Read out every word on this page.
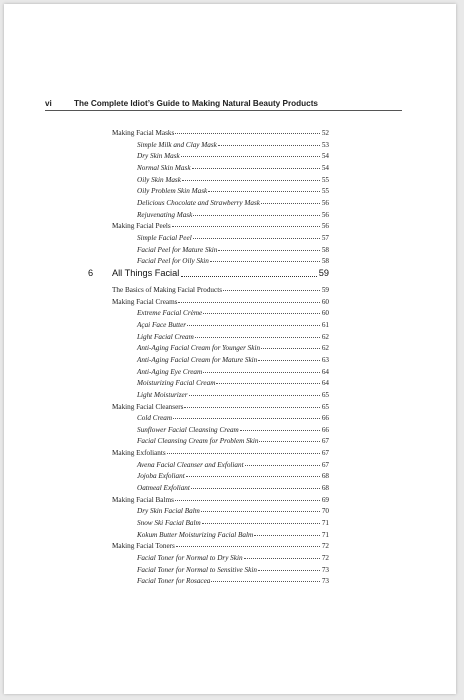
vi	The Complete Idiot’s Guide to Making Natural Beauty Products
6	All Things Facial	59
Making Facial Masks	52
Simple Milk and Clay Mask	53
Dry Skin Mask	54
Normal Skin Mask	54
Oily Skin Mask	55
Oily Problem Skin Mask	55
Delicious Chocolate and Strawberry Mask	56
Rejuvenating Mask	56
Making Facial Peels	56
Simple Facial Peel	57
Facial Peel for Mature Skin	58
Facial Peel for Oily Skin	58
The Basics of Making Facial Products	59
Making Facial Creams	60
Extreme Facial Crème	60
Açai Face Butter	61
Light Facial Cream	62
Anti-Aging Facial Cream for Younger Skin	62
Anti-Aging Facial Cream for Mature Skin	63
Anti-Aging Eye Cream	64
Moisturizing Facial Cream	64
Light Moisturizer	65
Making Facial Cleansers	65
Cold Cream	66
Sunflower Facial Cleansing Cream	66
Facial Cleansing Cream for Problem Skin	67
Making Exfoliants	67
Avena Facial Cleanser and Exfoliant	67
Jojoba Exfoliant	68
Oatmeal Exfoliant	68
Making Facial Balms	69
Dry Skin Facial Balm	70
Snow Ski Facial Balm	71
Kokum Butter Moisturizing Facial Balm	71
Making Facial Toners	72
Facial Toner for Normal to Dry Skin	72
Facial Toner for Normal to Sensitive Skin	73
Facial Toner for Rosacea	73
